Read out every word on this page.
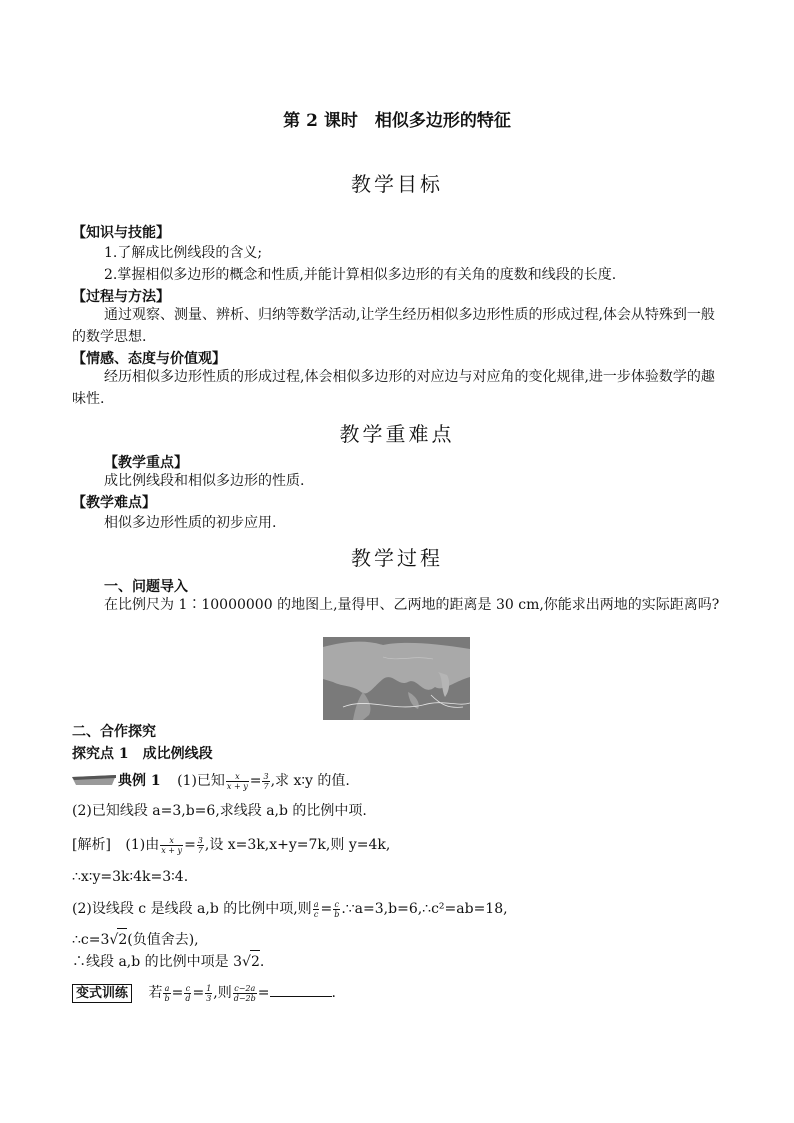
第 2 课时　相似多边形的特征
教学目标
【知识与技能】
1.了解成比例线段的含义;
2.掌握相似多边形的概念和性质,并能计算相似多边形的有关角的度数和线段的长度.
【过程与方法】
通过观察、测量、辨析、归纳等数学活动,让学生经历相似多边形性质的形成过程,体会从特殊到一般的数学思想.
【情感、态度与价值观】
经历相似多边形性质的形成过程,体会相似多边形的对应边与对应角的变化规律,进一步体验数学的趣味性.
教学重难点
【教学重点】
成比例线段和相似多边形的性质.
【教学难点】
相似多边形性质的初步应用.
教学过程
一、问题导入
在比例尺为 1∶10000000 的地图上,量得甲、乙两地的距离是 30 cm,你能求出两地的实际距离吗?
二、合作探究
探究点 1　成比例线段
典例 1 (1)已知 $\frac{x}{x + y} = \frac{3}{7}$ ,求 x∶y 的值.
(2)已知线段 a=3,b=6,求线段 a,b 的比例中项.
[解析] (1)由 $\frac{x}{x + y} = \frac{3}{7}$ ,设 x=3k,x+y=7k,则 y=4k,
∴x∶y=3k∶4k=3∶4.
(2)设线段 c 是线段 a,b 的比例中项,则 $\frac{a}{c} = \frac{c}{b}$ .∵a=3,b=6,∴c²=ab=18,
∴c=3√2(负值舍去),
∴线段 a,b 的比例中项是 3√2.
变式训练 若 $\frac{a}{b} = \frac{c}{d} = \frac{1}{3}$ ,则 $\frac{c-2a}{d-2b}$ =	.
